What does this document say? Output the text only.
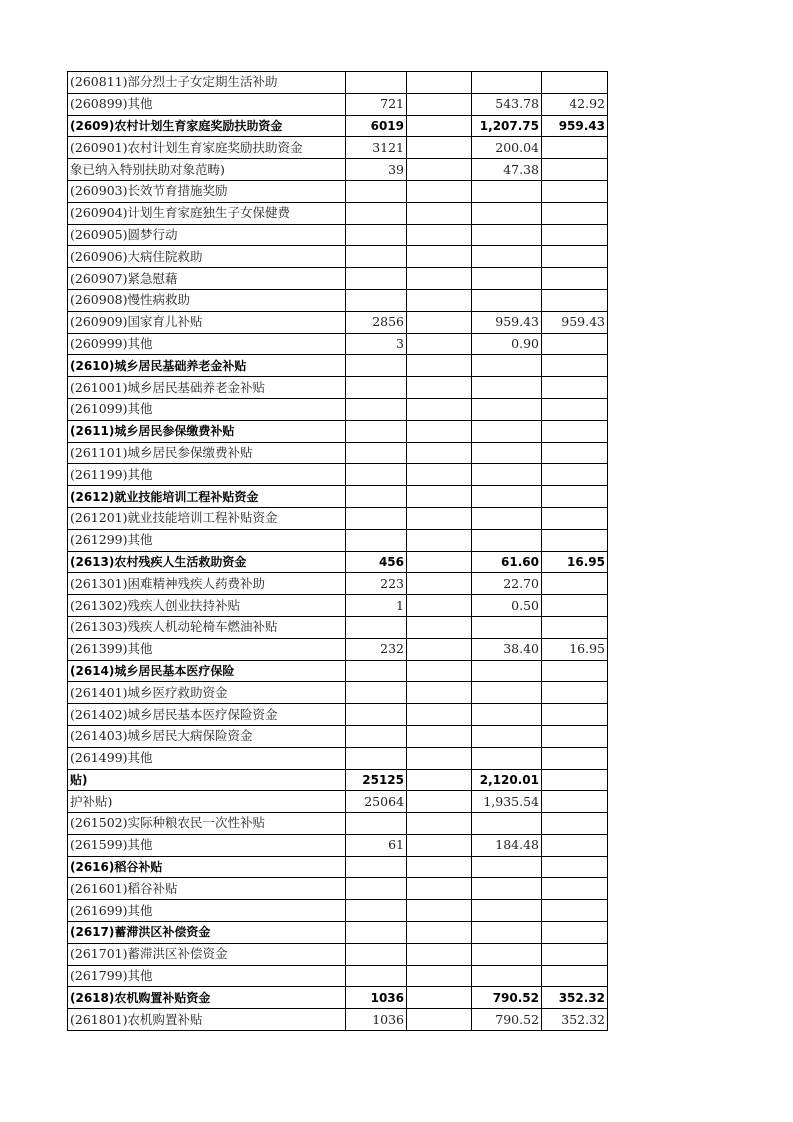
(260811)部分烈士子女定期生活补助				
(260899)其他	721		543.78	42.92
(2609)农村计划生育家庭奖励扶助资金	6019		1,207.75	959.43
(260901)农村计划生育家庭奖励扶助资金	3121		200.04	
象已纳入特别扶助对象范畴)	39		47.38	
(260903)长效节育措施奖励				
(260904)计划生育家庭独生子女保健费				
(260905)圆梦行动				
(260906)大病住院救助				
(260907)紧急慰藉				
(260908)慢性病救助				
(260909)国家育儿补贴	2856		959.43	959.43
(260999)其他	3		0.90	
(2610)城乡居民基础养老金补贴				
(261001)城乡居民基础养老金补贴				
(261099)其他				
(2611)城乡居民参保缴费补贴				
(261101)城乡居民参保缴费补贴				
(261199)其他				
(2612)就业技能培训工程补贴资金				
(261201)就业技能培训工程补贴资金				
(261299)其他				
(2613)农村残疾人生活救助资金	456		61.60	16.95
(261301)困难精神残疾人药费补助	223		22.70	
(261302)残疾人创业扶持补贴	1		0.50	
(261303)残疾人机动轮椅车燃油补贴				
(261399)其他	232		38.40	16.95
(2614)城乡居民基本医疗保险				
(261401)城乡医疗救助资金				
(261402)城乡居民基本医疗保险资金				
(261403)城乡居民大病保险资金				
(261499)其他				
贴)	25125		2,120.01	
护补贴)	25064		1,935.54	
(261502)实际种粮农民一次性补贴				
(261599)其他	61		184.48	
(2616)稻谷补贴				
(261601)稻谷补贴				
(261699)其他				
(2617)蓄滞洪区补偿资金				
(261701)蓄滞洪区补偿资金				
(261799)其他				
(2618)农机购置补贴资金	1036		790.52	352.32
(261801)农机购置补贴	1036		790.52	352.32
